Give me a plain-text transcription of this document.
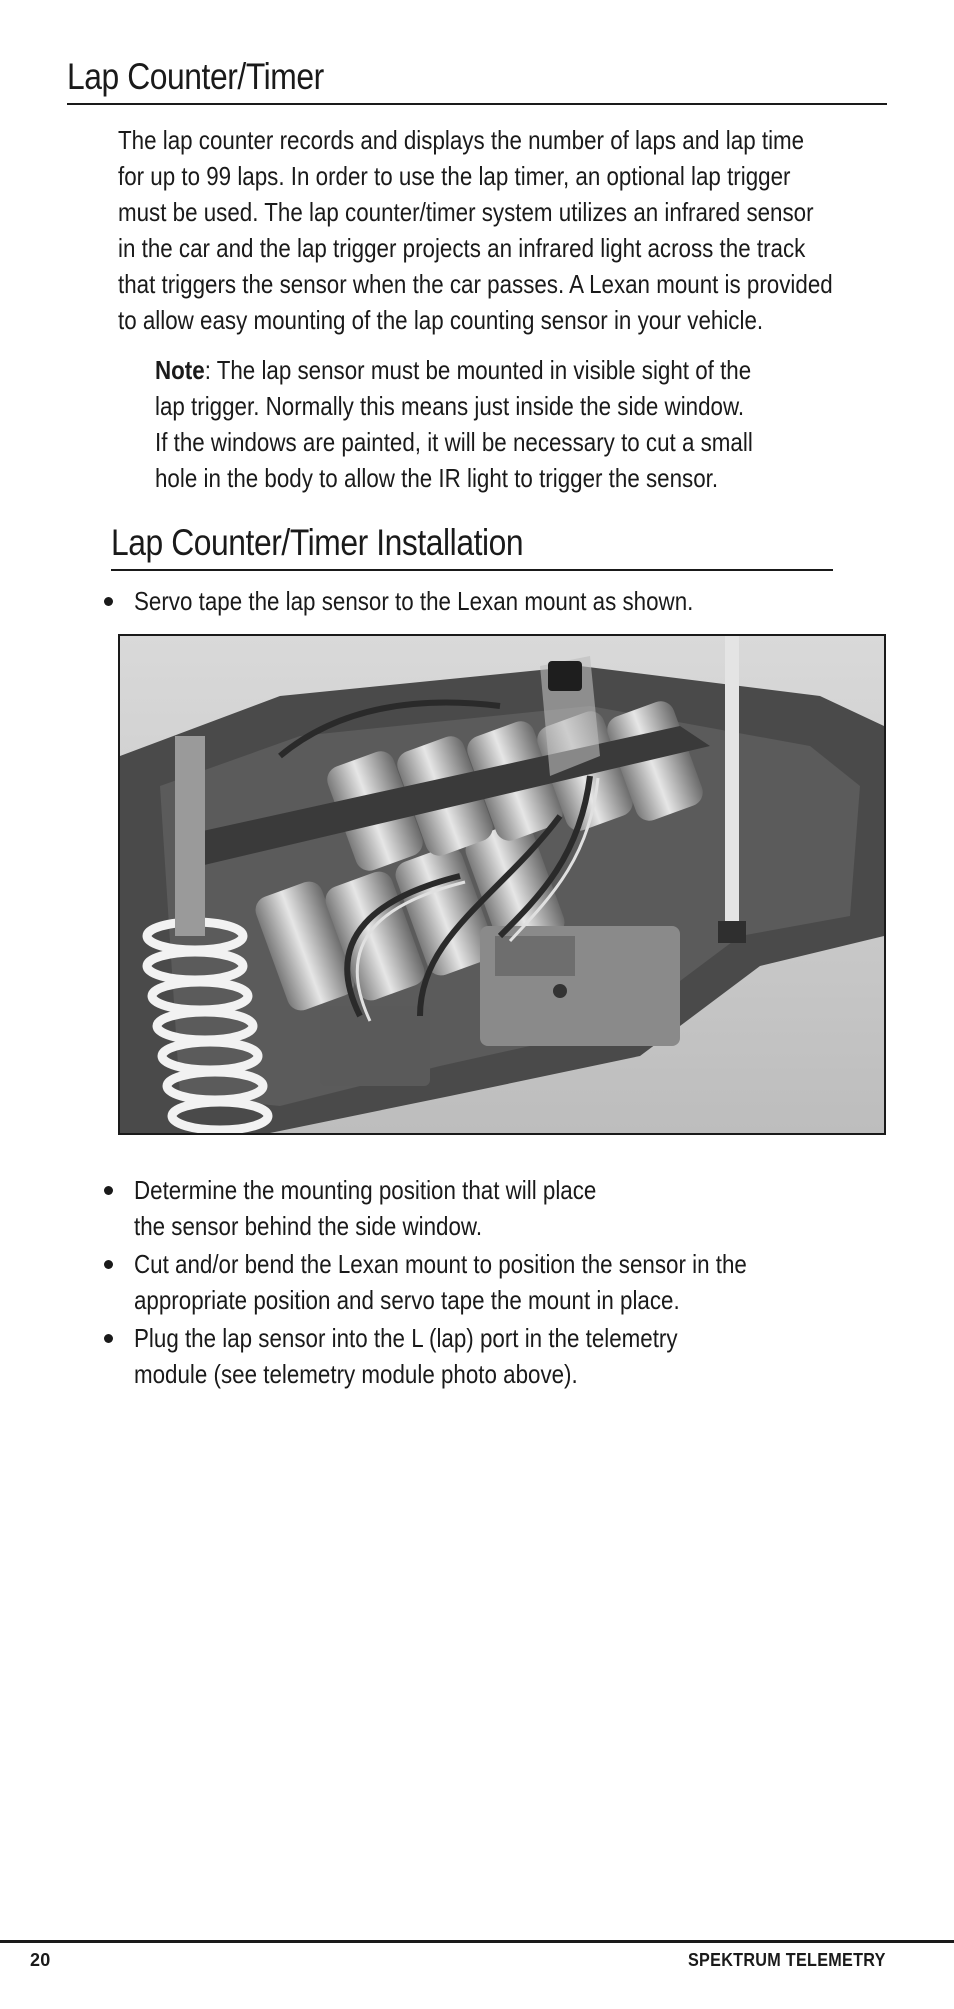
Lap Counter/Timer
The lap counter records and displays the number of laps and lap time
for up to 99 laps. In order to use the lap timer, an optional lap trigger
must be used. The lap counter/timer system utilizes an infrared sensor
in the car and the lap trigger projects an infrared light across the track
that triggers the sensor when the car passes. A Lexan mount is provided
to allow easy mounting of the lap counting sensor in your vehicle.
Note: The lap sensor must be mounted in visible sight of the
lap trigger. Normally this means just inside the side window.
If the windows are painted, it will be necessary to cut a small
hole in the body to allow the IR light to trigger the sensor.
Lap Counter/Timer Installation
Servo tape the lap sensor to the Lexan mount as shown.
Determine the mounting position that will place
the sensor behind the side window.
Cut and/or bend the Lexan mount to position the sensor in the
appropriate position and servo tape the mount in place.
Plug the lap sensor into the L (lap) port in the telemetry
module (see telemetry module photo above).
20	SPEKTRUM TELEMETRY
